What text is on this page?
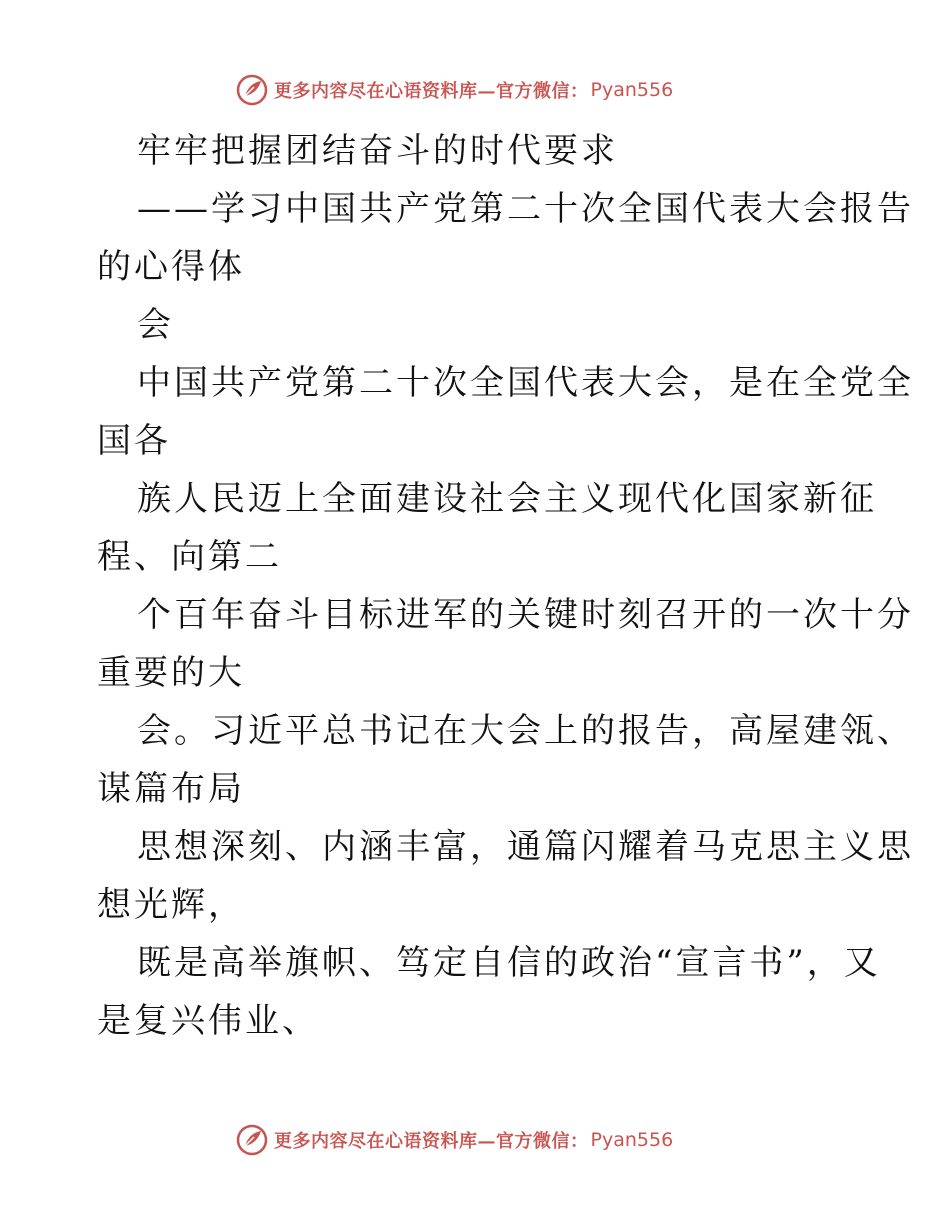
更多内容尽在心语资料库—官方微信： Pyan556
牢牢把握团结奋斗的时代要求
——学习中国共产党第二十次全国代表大会报告
的心得体
会
中国共产党第二十次全国代表大会，是在全党全
国各
族人民迈上全面建设社会主义现代化国家新征
程、向第二
个百年奋斗目标进军的关键时刻召开的一次十分
重要的大
会。习近平总书记在大会上的报告，高屋建瓴、
谋篇布局
思想深刻、内涵丰富，通篇闪耀着马克思主义思
想光辉，
既是高举旗帜、笃定自信的政治“宣言书”，又
是复兴伟业、
更多内容尽在心语资料库—官方微信： Pyan556
